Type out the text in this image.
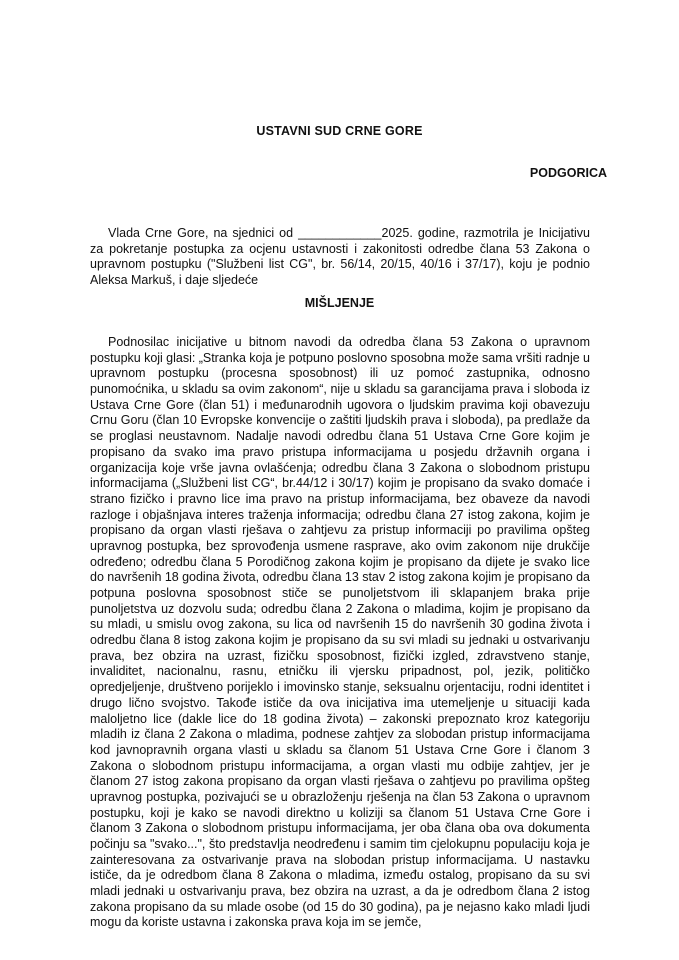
USTAVNI SUD CRNE GORE
PODGORICA
Vlada Crne Gore, na sjednici od ____________2025. godine, razmotrila je Inicijativu za pokretanje postupka za ocjenu ustavnosti i zakonitosti odredbe člana 53 Zakona o upravnom postupku ("Službeni list CG", br. 56/14, 20/15, 40/16 i 37/17), koju je podnio Aleksa Markuš, i daje sljedeće
MIŠLJENJE
Podnosilac inicijative u bitnom navodi da odredba člana 53 Zakona o upravnom postupku koji glasi: „Stranka koja je potpuno poslovno sposobna može sama vršiti radnje u upravnom postupku (procesna sposobnost) ili uz pomoć zastupnika, odnosno punomoćnika, u skladu sa ovim zakonom“, nije u skladu sa garancijama prava i sloboda iz Ustava Crne Gore (član 51) i međunarodnih ugovora o ljudskim pravima koji obavezuju Crnu Goru (član 10 Evropske konvencije o zaštiti ljudskih prava i sloboda), pa predlaže da se proglasi neustavnom. Nadalje navodi odredbu člana 51 Ustava Crne Gore kojim je propisano da svako ima pravo pristupa informacijama u posjedu državnih organa i organizacija koje vrše javna ovlašćenja; odredbu člana 3 Zakona o slobodnom pristupu informacijama („Službeni list CG“, br.44/12 i 30/17) kojim je propisano da svako domaće i strano fizičko i pravno lice ima pravo na pristup informacijama, bez obaveze da navodi razloge i objašnjava interes traženja informacija; odredbu člana 27 istog zakona, kojim je propisano da organ vlasti rješava o zahtjevu za pristup informaciji po pravilima opšteg upravnog postupka, bez sprovođenja usmene rasprave, ako ovim zakonom nije drukčije određeno; odredbu člana 5 Porodičnog zakona kojim je propisano da dijete je svako lice do navršenih 18 godina života, odredbu člana 13 stav 2 istog zakona kojim je propisano da potpuna poslovna sposobnost stiče se punoljetstvom ili sklapanjem braka prije punoljetstva uz dozvolu suda; odredbu člana 2 Zakona o mladima, kojim je propisano da su mladi, u smislu ovog zakona, su lica od navršenih 15 do navršenih 30 godina života i odredbu člana 8 istog zakona kojim je propisano da su svi mladi su jednaki u ostvarivanju prava, bez obzira na uzrast, fizičku sposobnost, fizički izgled, zdravstveno stanje, invaliditet, nacionalnu, rasnu, etničku ili vjersku pripadnost, pol, jezik, političko opredjeljenje, društveno porijeklo i imovinsko stanje, seksualnu orjentaciju, rodni identitet i drugo lično svojstvo. Takođe ističe da ova inicijativa ima utemeljenje u situaciji kada maloljetno lice (dakle lice do 18 godina života) – zakonski prepoznato kroz kategoriju mladih iz člana 2 Zakona o mladima, podnese zahtjev za slobodan pristup informacijama kod javnopravnih organa vlasti u skladu sa članom 51 Ustava Crne Gore i članom 3 Zakona o slobodnom pristupu informacijama, a organ vlasti mu odbije zahtjev, jer je članom 27 istog zakona propisano da organ vlasti rješava o zahtjevu po pravilima opšteg upravnog postupka, pozivajući se u obrazloženju rješenja na član 53 Zakona o upravnom postupku, koji je kako se navodi direktno u koliziji sa članom 51 Ustava Crne Gore i članom 3 Zakona o slobodnom pristupu informacijama, jer oba člana oba ova dokumenta počinju sa "svako...", što predstavlja neodređenu i samim tim cjelokupnu populaciju koja je zainteresovana za ostvarivanje prava na slobodan pristup informacijama. U nastavku ističe, da je odredbom člana 8 Zakona o mladima, između ostalog, propisano da su svi mladi jednaki u ostvarivanju prava, bez obzira na uzrast, a da je odredbom člana 2 istog zakona propisano da su mlade osobe (od 15 do 30 godina), pa je nejasno kako mladi ljudi mogu da koriste ustavna i zakonska prava koja im se jemče,
